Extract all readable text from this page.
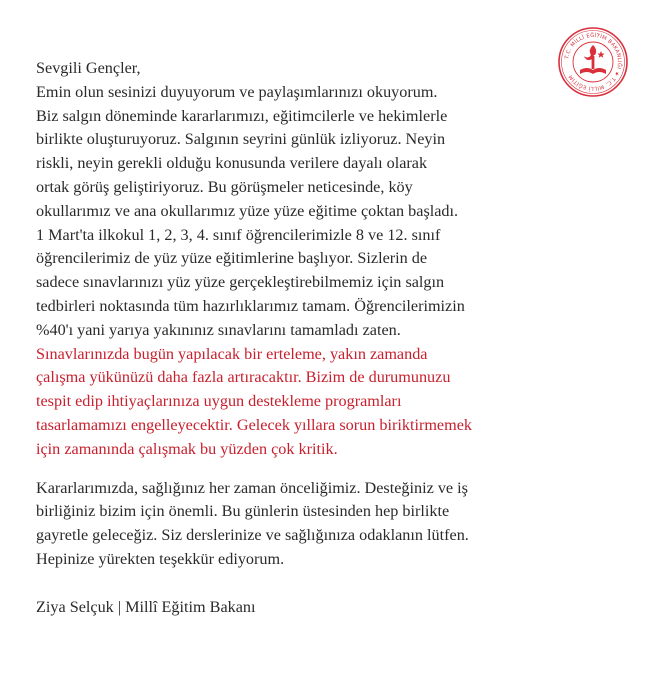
T.C. MİLLÎ EĞİTİM BAKANLIĞI ★ T.C. MİLLÎ EĞİTİM

Sevgili Gençler,
Emin olun sesinizi duyuyorum ve paylaşımlarınızı okuyorum.
Biz salgın döneminde kararlarımızı, eğitimcilerle ve hekimlerle
birlikte oluşturuyoruz. Salgının seyrini günlük izliyoruz. Neyin
riskli, neyin gerekli olduğu konusunda verilere dayalı olarak
ortak görüş geliştiriyoruz. Bu görüşmeler neticesinde, köy
okullarımız ve ana okullarımız yüze yüze eğitime çoktan başladı.
1 Mart'ta ilkokul 1, 2, 3, 4. sınıf öğrencilerimizle 8 ve 12. sınıf
öğrencilerimiz de yüz yüze eğitimlerine başlıyor. Sizlerin de
sadece sınavlarınızı yüz yüze gerçekleştirebilmemiz için salgın
tedbirleri noktasında tüm hazırlıklarımız tamam. Öğrencilerimizin
%40'ı yani yarıya yakınınız sınavlarını tamamladı zaten.
Sınavlarınızda bugün yapılacak bir erteleme, yakın zamanda
çalışma yükünüzü daha fazla artıracaktır. Bizim de durumunuzu
tespit edip ihtiyaçlarınıza uygun destekleme programları
tasarlamamızı engelleyecektir. Gelecek yıllara sorun biriktirmemek
için zamanında çalışmak bu yüzden çok kritik.

Kararlarımızda, sağlığınız her zaman önceliğimiz. Desteğiniz ve iş
birliğiniz bizim için önemli. Bu günlerin üstesinden hep birlikte
gayretle geleceğiz. Siz derslerinize ve sağlığınıza odaklanın lütfen.
Hepinize yürekten teşekkür ediyorum.

Ziya Selçuk | Millî Eğitim Bakanı
